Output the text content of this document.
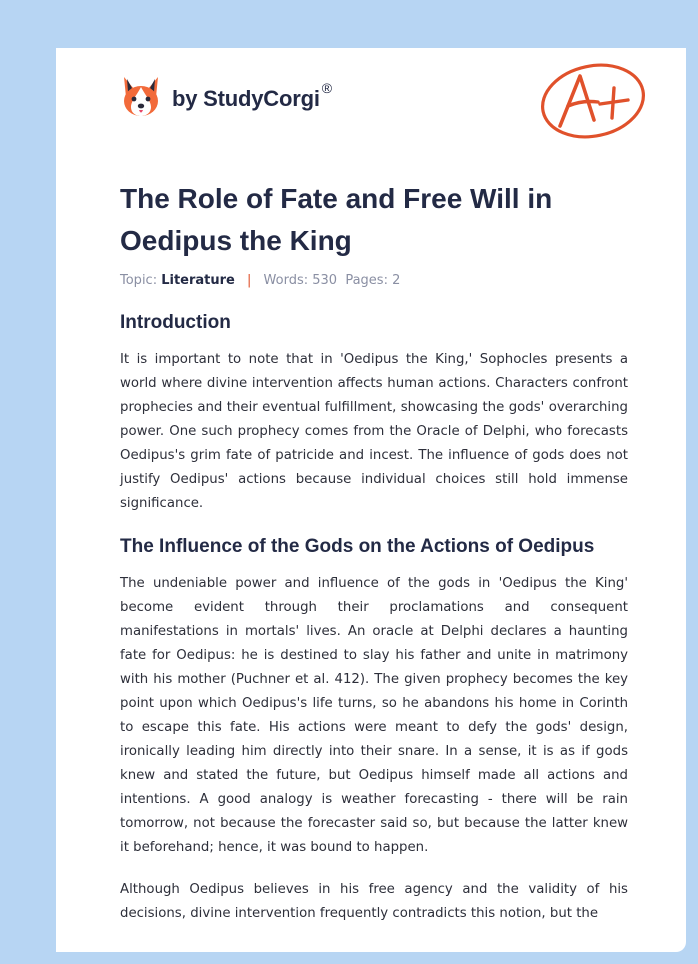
by StudyCorgi ®
The Role of Fate and Free Will in Oedipus the King
Topic: Literature | Words: 530 Pages: 2
Introduction

It is important to note that in 'Oedipus the King,' Sophocles presents a world where divine intervention affects human actions. Characters confront prophecies and their eventual fulfillment, showcasing the gods' overarching power. One such prophecy comes from the Oracle of Delphi, who forecasts Oedipus's grim fate of patricide and incest. The influence of gods does not justify Oedipus' actions because individual choices still hold immense significance.

The Influence of the Gods on the Actions of Oedipus

The undeniable power and influence of the gods in 'Oedipus the King' become evident through their proclamations and consequent manifestations in mortals' lives. An oracle at Delphi declares a haunting fate for Oedipus: he is destined to slay his father and unite in matrimony with his mother (Puchner et al. 412). The given prophecy becomes the key point upon which Oedipus's life turns, so he abandons his home in Corinth to escape this fate. His actions were meant to defy the gods' design, ironically leading him directly into their snare. In a sense, it is as if gods knew and stated the future, but Oedipus himself made all actions and intentions. A good analogy is weather forecasting - there will be rain tomorrow, not because the forecaster said so, but because the latter knew it beforehand; hence, it was bound to happen.

Although Oedipus believes in his free agency and the validity of his decisions, divine intervention frequently contradicts this notion, but the
